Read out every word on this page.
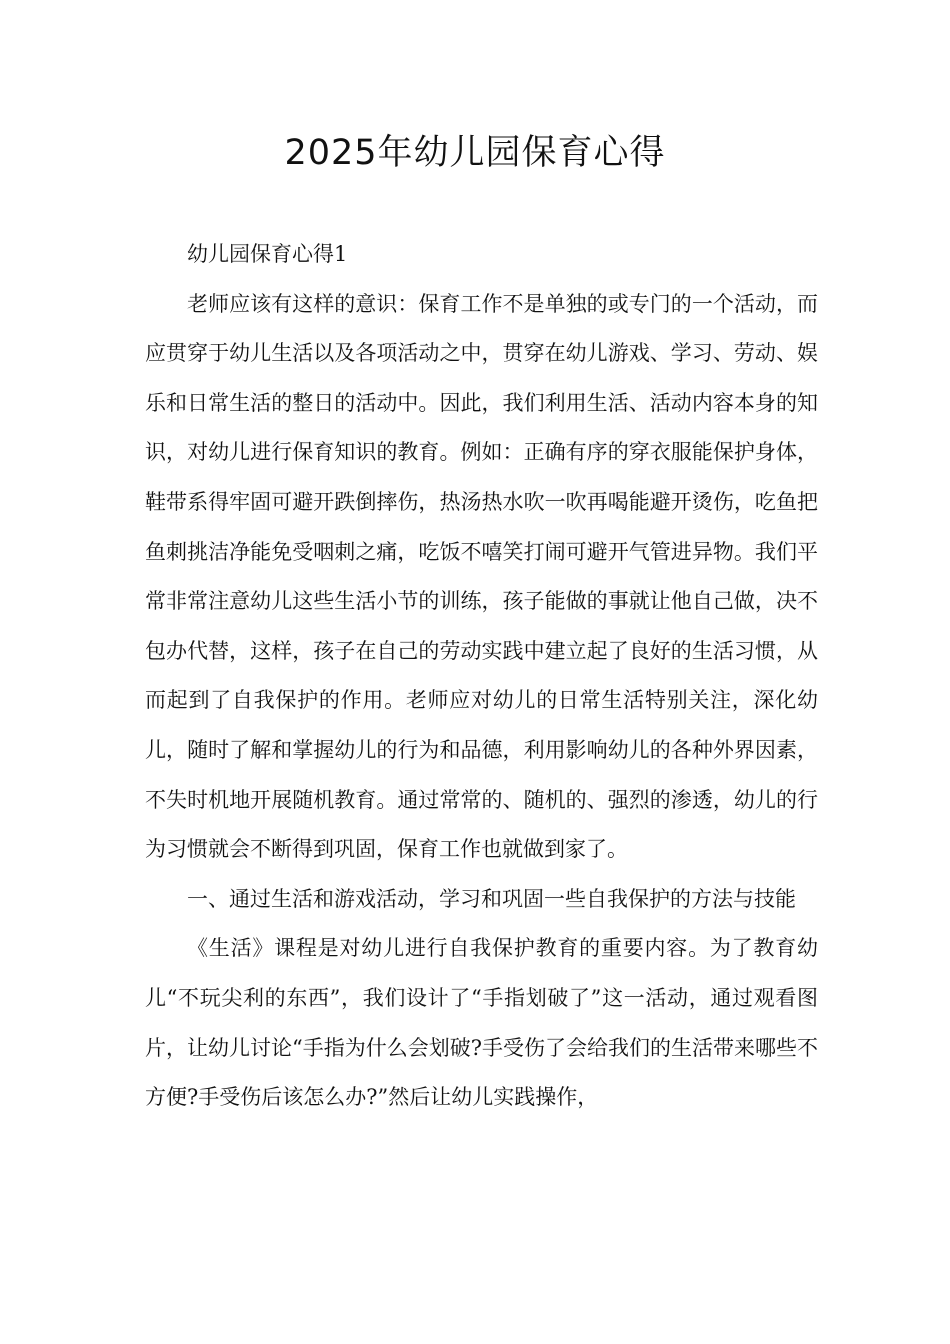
2025年幼儿园保育心得

幼儿园保育心得1

老师应该有这样的意识：保育工作不是单独的或专门的一个活动，而应贯穿于幼儿生活以及各项活动之中，贯穿在幼儿游戏、学习、劳动、娱乐和日常生活的整日的活动中。因此，我们利用生活、活动内容本身的知识，对幼儿进行保育知识的教育。例如：正确有序的穿衣服能保护身体，鞋带系得牢固可避开跌倒摔伤，热汤热水吹一吹再喝能避开烫伤，吃鱼把鱼刺挑洁净能免受咽刺之痛，吃饭不嘻笑打闹可避开气管进异物。我们平常非常注意幼儿这些生活小节的训练，孩子能做的事就让他自己做，决不包办代替，这样，孩子在自己的劳动实践中建立起了良好的生活习惯，从而起到了自我保护的作用。老师应对幼儿的日常生活特别关注，深化幼儿，随时了解和掌握幼儿的行为和品德，利用影响幼儿的各种外界因素，不失时机地开展随机教育。通过常常的、随机的、强烈的渗透，幼儿的行为习惯就会不断得到巩固，保育工作也就做到家了。

一、通过生活和游戏活动，学习和巩固一些自我保护的方法与技能

《生活》课程是对幼儿进行自我保护教育的重要内容。为了教育幼儿“不玩尖利的东西”，我们设计了“手指划破了”这一活动，通过观看图片，让幼儿讨论“手指为什么会划破?手受伤了会给我们的生活带来哪些不方便?手受伤后该怎么办?”然后让幼儿实践操作，
